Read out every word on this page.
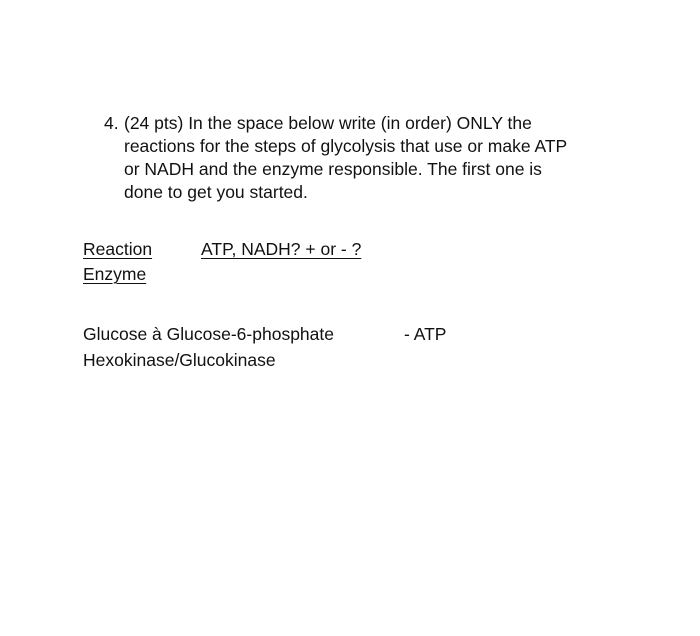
4. (24 pts) In the space below write (in order) ONLY the
reactions for the steps of glycolysis that use or make ATP
or NADH and the enzyme responsible. The first one is
done to get you started.
Reaction	ATP, NADH? + or - ?
Enzyme
Glucose à Glucose-6-phosphate	- ATP
Hexokinase/Glucokinase
